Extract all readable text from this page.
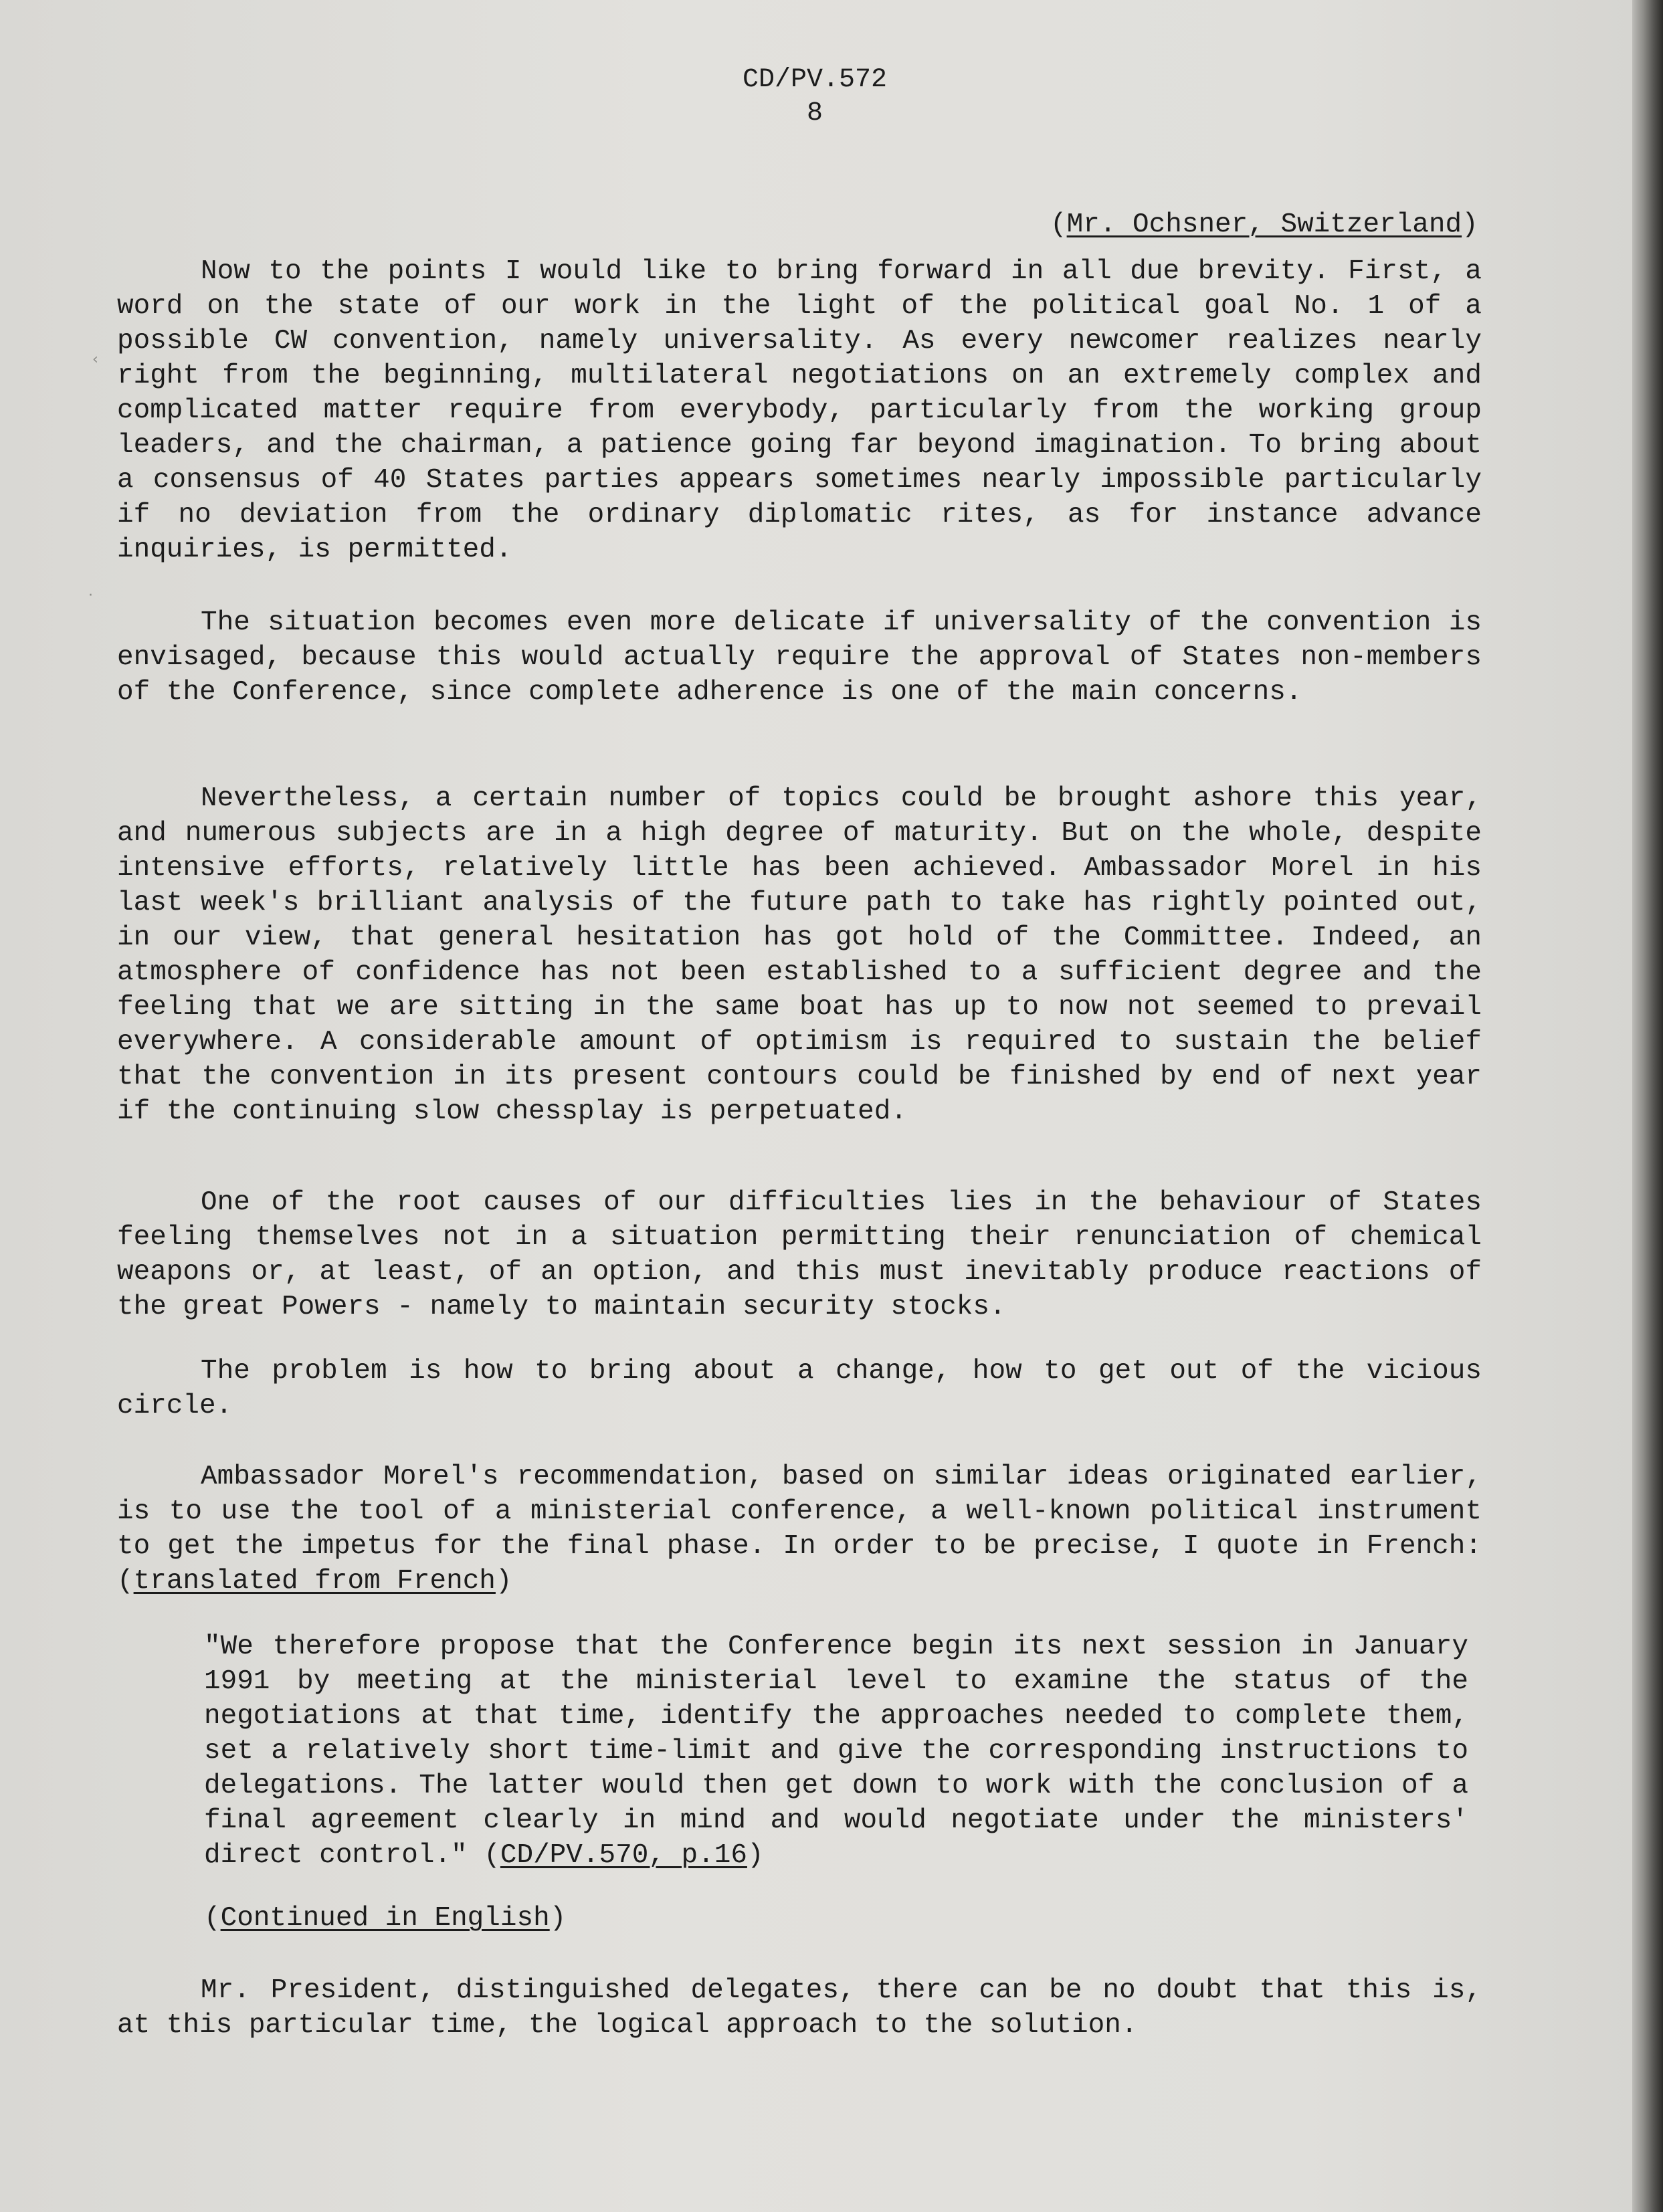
CD/PV.572
8
(Mr. Ochsner, Switzerland)

Now to the points I would like to bring forward in all due brevity. First, a word on the state of our work in the light of the political goal No. 1 of a possible CW convention, namely universality. As every newcomer realizes nearly right from the beginning, multilateral negotiations on an extremely complex and complicated matter require from everybody, particularly from the working group leaders, and the chairman, a patience going far beyond imagination. To bring about a consensus of 40 States parties appears sometimes nearly impossible particularly if no deviation from the ordinary diplomatic rites, as for instance advance inquiries, is permitted.

The situation becomes even more delicate if universality of the convention is envisaged, because this would actually require the approval of States non-members of the Conference, since complete adherence is one of the main concerns.

Nevertheless, a certain number of topics could be brought ashore this year, and numerous subjects are in a high degree of maturity. But on the whole, despite intensive efforts, relatively little has been achieved. Ambassador Morel in his last week's brilliant analysis of the future path to take has rightly pointed out, in our view, that general hesitation has got hold of the Committee. Indeed, an atmosphere of confidence has not been established to a sufficient degree and the feeling that we are sitting in the same boat has up to now not seemed to prevail everywhere. A considerable amount of optimism is required to sustain the belief that the convention in its present contours could be finished by end of next year if the continuing slow chessplay is perpetuated.

One of the root causes of our difficulties lies in the behaviour of States feeling themselves not in a situation permitting their renunciation of chemical weapons or, at least, of an option, and this must inevitably produce reactions of the great Powers - namely to maintain security stocks.

The problem is how to bring about a change, how to get out of the vicious circle.

Ambassador Morel's recommendation, based on similar ideas originated earlier, is to use the tool of a ministerial conference, a well-known political instrument to get the impetus for the final phase. In order to be precise, I quote in French: (translated from French)

"We therefore propose that the Conference begin its next session in January 1991 by meeting at the ministerial level to examine the status of the negotiations at that time, identify the approaches needed to complete them, set a relatively short time-limit and give the corresponding instructions to delegations. The latter would then get down to work with the conclusion of a final agreement clearly in mind and would negotiate under the ministers' direct control." (CD/PV.570, p.16)

(Continued in English)

Mr. President, distinguished delegates, there can be no doubt that this is, at this particular time, the logical approach to the solution.

‹
·
